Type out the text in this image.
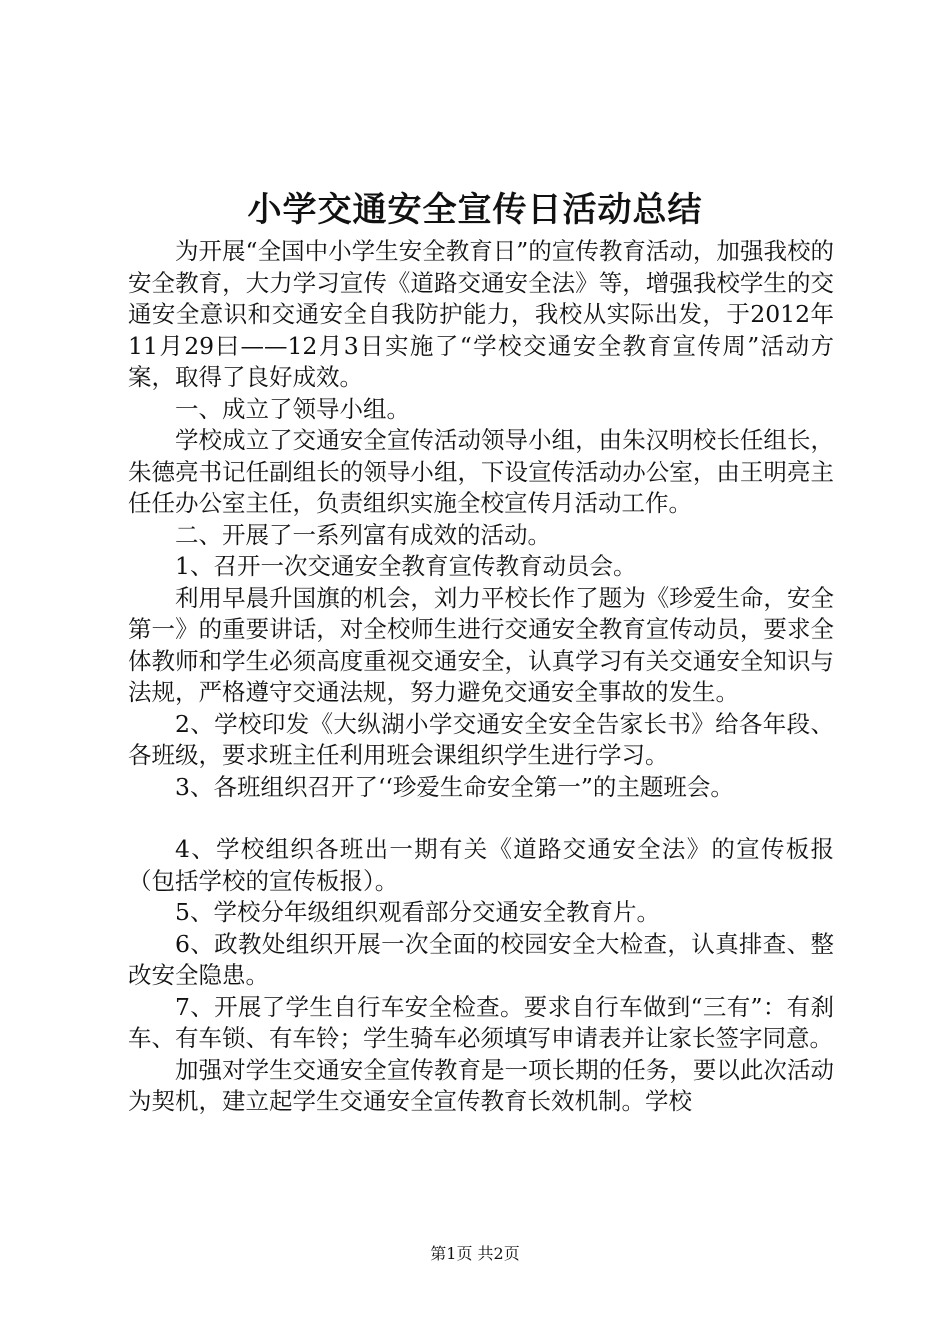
小学交通安全宣传日活动总结

为开展“全国中小学生安全教育日”的宣传教育活动，加强我校的安全教育，大力学习宣传《道路交通安全法》等，增强我校学生的交通安全意识和交通安全自我防护能力，我校从实际出发，于2012年11月29曰——12月3日实施了“学校交通安全教育宣传周”活动方案，取得了良好成效。

一、成立了领导小组。

学校成立了交通安全宣传活动领导小组，由朱汉明校长任组长，朱德亮书记任副组长的领导小组，下设宣传活动办公室，由王明亮主任任办公室主任，负责组织实施全校宣传月活动工作。

二、开展了一系列富有成效的活动。

1、召开一次交通安全教育宣传教育动员会。

利用早晨升国旗的机会，刘力平校长作了题为《珍爱生命，安全第一》的重要讲话，对全校师生进行交通安全教育宣传动员，要求全体教师和学生必须高度重视交通安全，认真学习有关交通安全知识与法规，严格遵守交通法规，努力避免交通安全事故的发生。

2、学校印发《大纵湖小学交通安全安全告家长书》给各年段、各班级，要求班主任利用班会课组织学生进行学习。

3、各班组织召开了‘‘珍爱生命安全第一”的主题班会。

4、学校组织各班出一期有关《道路交通安全法》的宣传板报（包括学校的宣传板报）。

5、学校分年级组织观看部分交通安全教育片。

6、政教处组织开展一次全面的校园安全大检查，认真排查、整改安全隐患。

7、开展了学生自行车安全检查。要求自行车做到“三有”：有刹车、有车锁、有车铃；学生骑车必须填写申请表并让家长签字同意。

加强对学生交通安全宣传教育是一项长期的任务，要以此次活动为契机，建立起学生交通安全宣传教育长效机制。学校

第1页 共2页
